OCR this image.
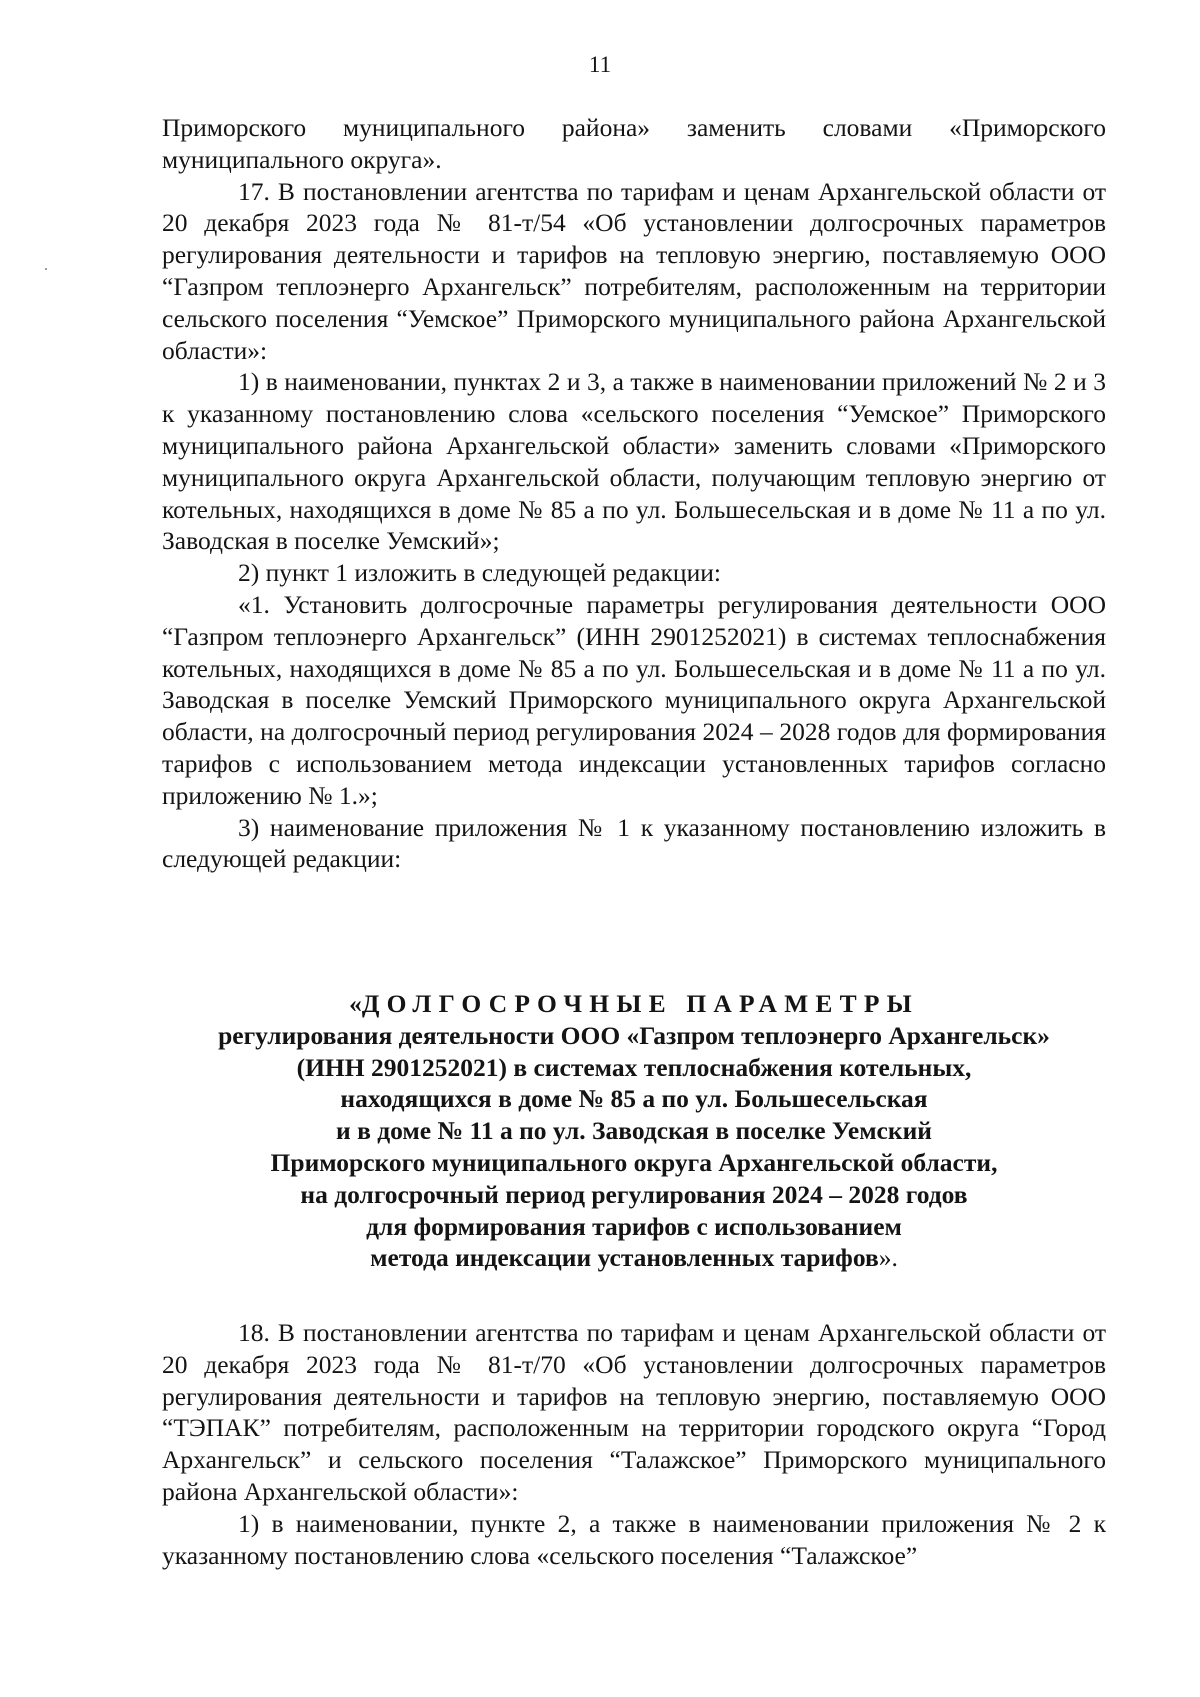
11

Приморского муниципального района» заменить словами «Приморского муниципального округа».

17. В постановлении агентства по тарифам и ценам Архангельской области от 20 декабря 2023 года № 81-т/54 «Об установлении долгосрочных параметров регулирования деятельности и тарифов на тепловую энергию, поставляемую ООО “Газпром теплоэнерго Архангельск” потребителям, расположенным на территории сельского поселения “Уемское” Приморского муниципального района Архангельской области»:

1) в наименовании, пунктах 2 и 3, а также в наименовании приложений № 2 и 3 к указанному постановлению слова «сельского поселения “Уемское” Приморского муниципального района Архангельской области» заменить словами «Приморского муниципального округа Архангельской области, получающим тепловую энергию от котельных, находящихся в доме № 85 а по ул. Большесельская и в доме № 11 а по ул. Заводская в поселке Уемский»;

2) пункт 1 изложить в следующей редакции:

«1. Установить долгосрочные параметры регулирования деятельности ООО “Газпром теплоэнерго Архангельск” (ИНН 2901252021) в системах теплоснабжения котельных, находящихся в доме № 85 а по ул. Большесельская и в доме № 11 а по ул. Заводская в поселке Уемский Приморского муниципального округа Архангельской области, на долгосрочный период регулирования 2024 – 2028 годов для формирования тарифов с использованием метода индексации установленных тарифов согласно приложению № 1.»;

3) наименование приложения № 1 к указанному постановлению изложить в следующей редакции:

«ДОЛГОСРОЧНЫЕ ПАРАМЕТРЫ

регулирования деятельности ООО «Газпром теплоэнерго Архангельск»

(ИНН 2901252021) в системах теплоснабжения котельных,

находящихся в доме № 85 а по ул. Большесельская

и в доме № 11 а по ул. Заводская в поселке Уемский

Приморского муниципального округа Архангельской области,

на долгосрочный период регулирования 2024 – 2028 годов

для формирования тарифов с использованием

метода индексации установленных тарифов».

18. В постановлении агентства по тарифам и ценам Архангельской области от 20 декабря 2023 года № 81-т/70 «Об установлении долгосрочных параметров регулирования деятельности и тарифов на тепловую энергию, поставляемую ООО “ТЭПАК” потребителям, расположенным на территории городского округа “Город Архангельск” и сельского поселения “Талажское” Приморского муниципального района Архангельской области»:

1) в наименовании, пункте 2, а также в наименовании приложения № 2 к указанному постановлению слова «сельского поселения “Талажское”
